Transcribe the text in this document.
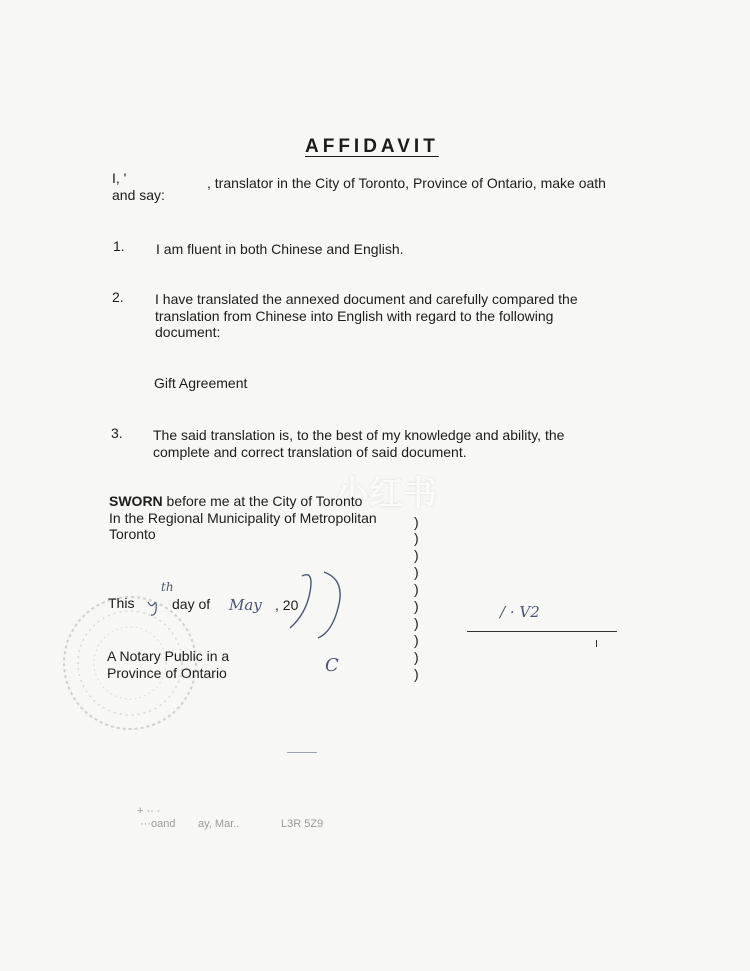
AFFIDAVIT
I, '	, translator in the City of Toronto, Province of Ontario, make oath
and say:
1. I am fluent in both Chinese and English.
2. I have translated the annexed document and carefully compared the
translation from Chinese into English with regard to the following
document:
Gift Agreement
3. The said translation is, to the best of my knowledge and ability, the
complete and correct translation of said document.
小红书
SWORN before me at the City of Toronto
In the Regional Municipality of Metropolitan
Toronto
)
)
)
)
)
)
)
)
)
)
This
th
day of May , 20
A Notary Public in a
Province of Ontario	C
/ · V2
+ ·· ·
···oand ay, Mar..	L3R 5Z9
